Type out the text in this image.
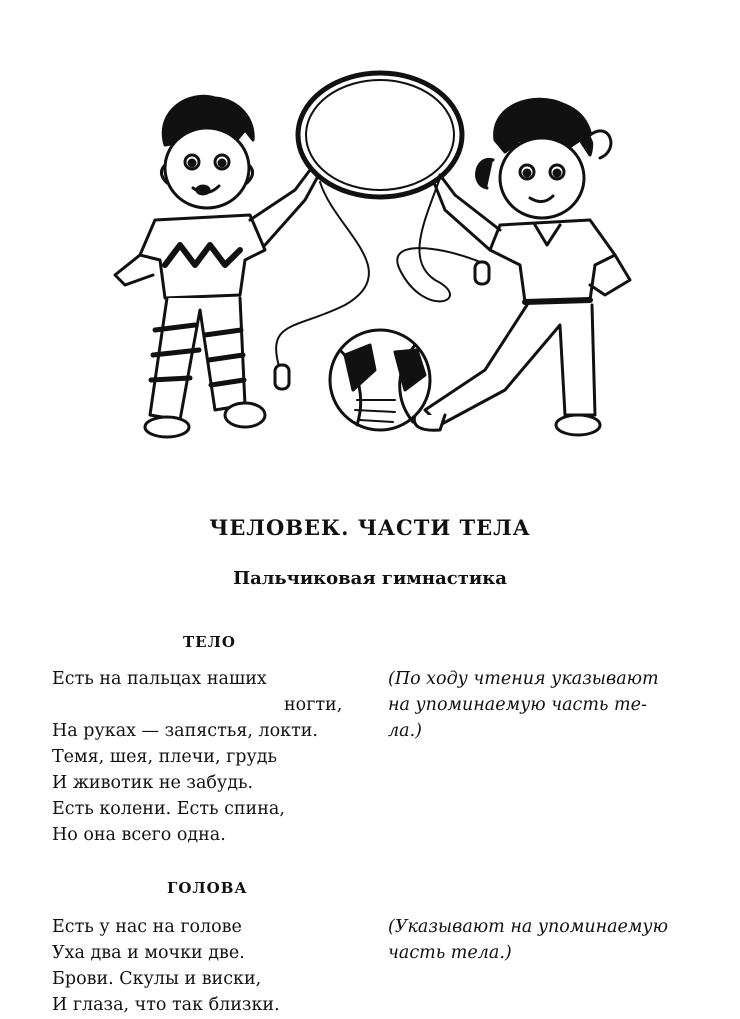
ЧЕЛОВЕК. ЧАСТИ ТЕЛА
Пальчиковая гимнастика
ТЕЛО
Есть на пальцах наших
ногти,
На руках — запястья, локти.
Темя, шея, плечи, грудь
И животик не забудь.
Есть колени. Есть спина,
Но она всего одна.
(По ходу чтения указывают
на упоминаемую часть те-
ла.)
ГОЛОВА
Есть у нас на голове
Уха два и мочки две.
Брови. Скулы и виски,
И глаза, что так близки.
(Указывают на упоминаемую
часть тела.)
